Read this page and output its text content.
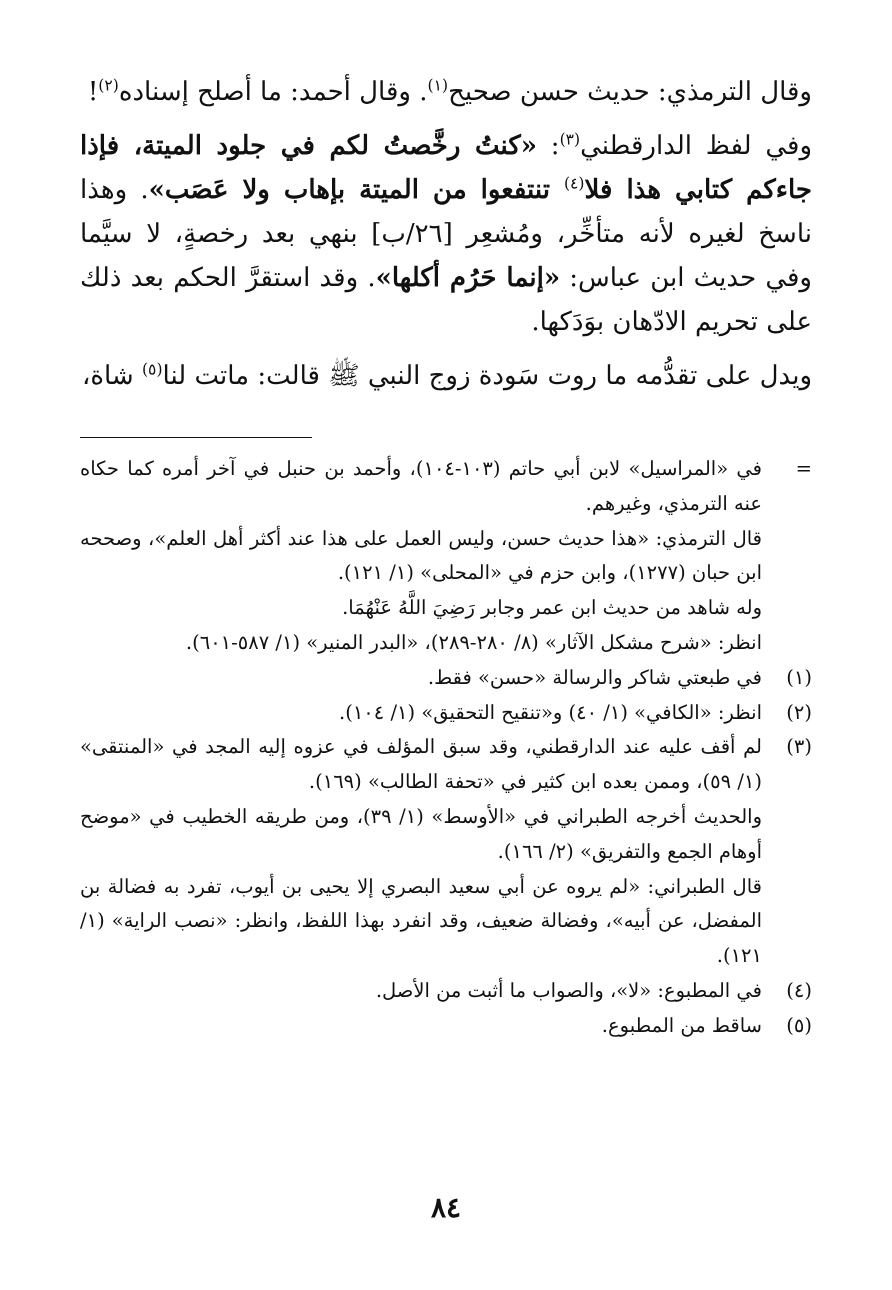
وقال الترمذي: حديث حسن صحيح$^{(١)}$. وقال أحمد: ما أصلح إسناده$^{(٢)}$!

وفي لفظ الدارقطني$^{(٣)}$: «كنتُ رخَّصتُ لكم في جلود الميتة، فإذا جاءكم كتابي هذا فلا$^{(٤)}$ تنتفعوا من الميتة بإهاب ولا عَصَب». وهذا ناسخ لغيره لأنه متأخِّر، ومُشعِر [٢٦/ب] بنهي بعد رخصةٍ، لا سيَّما وفي حديث ابن عباس: «إنما حَرُم أكلها». وقد استقرَّ الحكم بعد ذلك على تحريم الادّهان بوَدَكها.

ويدل على تقدُّمه ما روت سَودة زوج النبي ﷺ قالت: ماتت لنا$^{(٥)}$ شاة،

=

في «المراسيل» لابن أبي حاتم (١٠٣-١٠٤)، وأحمد بن حنبل في آخر أمره كما حكاه عنه الترمذي، وغيرهم.

قال الترمذي: «هذا حديث حسن، وليس العمل على هذا عند أكثر أهل العلم»، وصححه ابن حبان (١٢٧٧)، وابن حزم في «المحلى» (١/ ١٢١).

وله شاهد من حديث ابن عمر وجابر رَضِيَ اللَّهُ عَنْهُمَا.

انظر: «شرح مشكل الآثار» (٨/ ٢٨٠-٢٨٩)، «البدر المنير» (١/ ٥٨٧-٦٠١).

(١)

في طبعتي شاكر والرسالة «حسن» فقط.

(٢)

انظر: «الكافي» (١/ ٤٠) و«تنقيح التحقيق» (١/ ١٠٤).

(٣)

لم أقف عليه عند الدارقطني، وقد سبق المؤلف في عزوه إليه المجد في «المنتقى» (١/ ٥٩)، وممن بعده ابن كثير في «تحفة الطالب» (١٦٩).

والحديث أخرجه الطبراني في «الأوسط» (١/ ٣٩)، ومن طريقه الخطيب في «موضح أوهام الجمع والتفريق» (٢/ ١٦٦).

قال الطبراني: «لم يروه عن أبي سعيد البصري إلا يحيى بن أيوب، تفرد به فضالة بن المفضل، عن أبيه»، وفضالة ضعيف، وقد انفرد بهذا اللفظ، وانظر: «نصب الراية» (١/ ١٢١).

(٤)

في المطبوع: «لا»، والصواب ما أثبت من الأصل.

(٥)

ساقط من المطبوع.

٨٤
